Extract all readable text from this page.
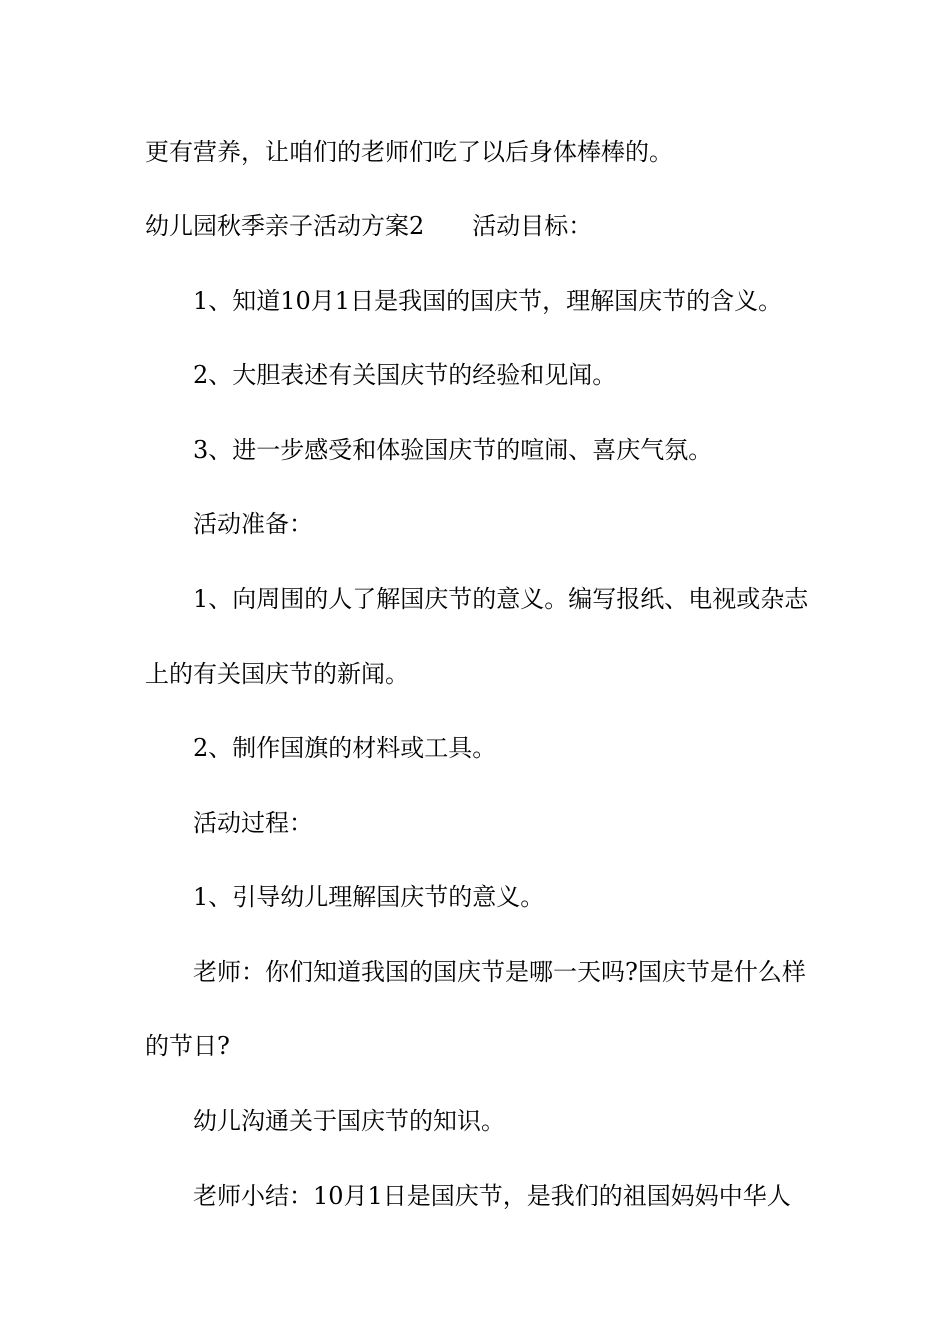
更有营养，让咱们的老师们吃了以后身体棒棒的。
幼儿园秋季亲子活动方案2 活动目标：
1、知道10月1日是我国的国庆节，理解国庆节的含义。
2、大胆表述有关国庆节的经验和见闻。
3、进一步感受和体验国庆节的喧闹、喜庆气氛。
活动准备：
1、向周围的人了解国庆节的意义。编写报纸、电视或杂志
上的有关国庆节的新闻。
2、制作国旗的材料或工具。
活动过程：
1、引导幼儿理解国庆节的意义。
老师：你们知道我国的国庆节是哪一天吗?国庆节是什么样
的节日?
幼儿沟通关于国庆节的知识。
老师小结：10月1日是国庆节，是我们的祖国妈妈中华人
